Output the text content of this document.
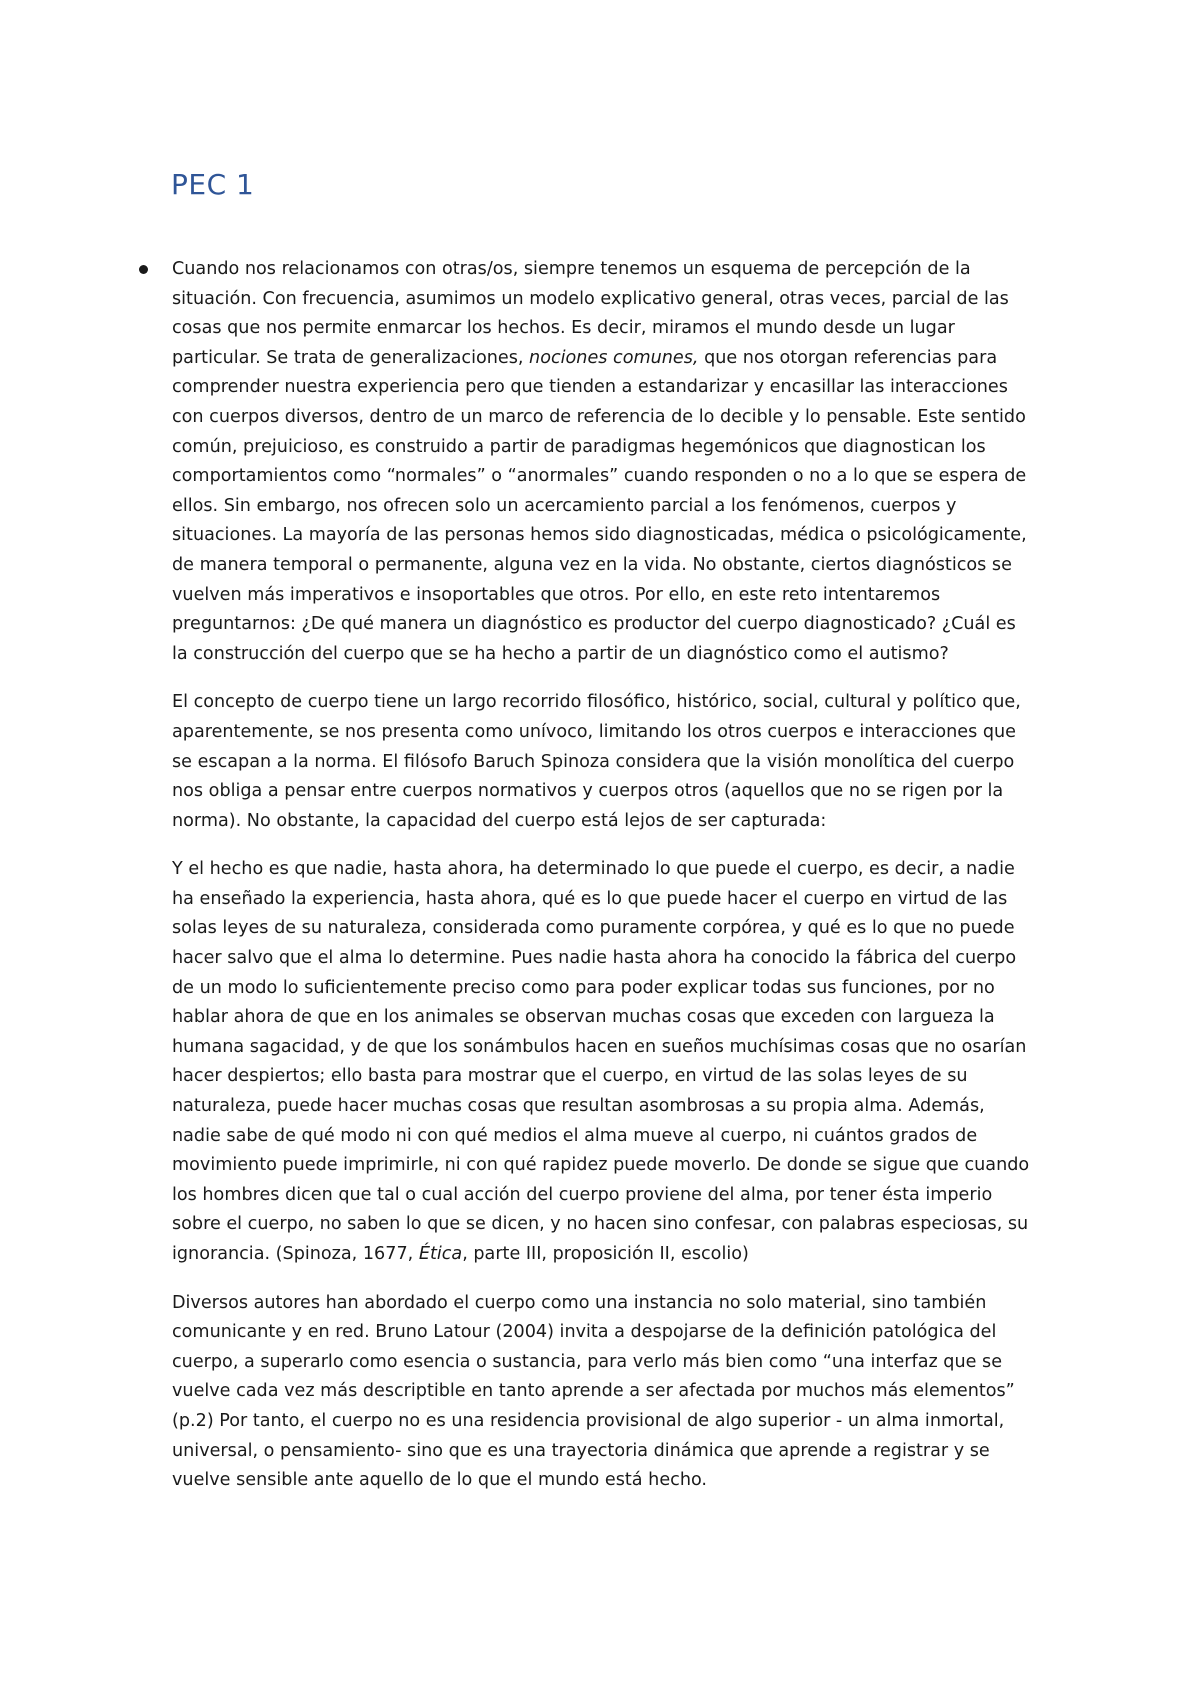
PEC 1

Cuando nos relacionamos con otras/os, siempre tenemos un esquema de percepción de la situación. Con frecuencia, asumimos un modelo explicativo general, otras veces, parcial de las cosas que nos permite enmarcar los hechos. Es decir, miramos el mundo desde un lugar particular. Se trata de generalizaciones, nociones comunes, que nos otorgan referencias para comprender nuestra experiencia pero que tienden a estandarizar y encasillar las interacciones con cuerpos diversos, dentro de un marco de referencia de lo decible y lo pensable. Este sentido común, prejuicioso, es construido a partir de paradigmas hegemónicos que diagnostican los comportamientos como “normales” o “anormales” cuando responden o no a lo que se espera de ellos. Sin embargo, nos ofrecen solo un acercamiento parcial a los fenómenos, cuerpos y situaciones. La mayoría de las personas hemos sido diagnosticadas, médica o psicológicamente, de manera temporal o permanente, alguna vez en la vida. No obstante, ciertos diagnósticos se vuelven más imperativos e insoportables que otros. Por ello, en este reto intentaremos preguntarnos: ¿De qué manera un diagnóstico es productor del cuerpo diagnosticado? ¿Cuál es la construcción del cuerpo que se ha hecho a partir de un diagnóstico como el autismo?

El concepto de cuerpo tiene un largo recorrido filosófico, histórico, social, cultural y político que, aparentemente, se nos presenta como unívoco, limitando los otros cuerpos e interacciones que se escapan a la norma. El filósofo Baruch Spinoza considera que la visión monolítica del cuerpo nos obliga a pensar entre cuerpos normativos y cuerpos otros (aquellos que no se rigen por la norma). No obstante, la capacidad del cuerpo está lejos de ser capturada:

Y el hecho es que nadie, hasta ahora, ha determinado lo que puede el cuerpo, es decir, a nadie ha enseñado la experiencia, hasta ahora, qué es lo que puede hacer el cuerpo en virtud de las solas leyes de su naturaleza, considerada como puramente corpórea, y qué es lo que no puede hacer salvo que el alma lo determine. Pues nadie hasta ahora ha conocido la fábrica del cuerpo de un modo lo suficientemente preciso como para poder explicar todas sus funciones, por no hablar ahora de que en los animales se observan muchas cosas que exceden con largueza la humana sagacidad, y de que los sonámbulos hacen en sueños muchísimas cosas que no osarían hacer despiertos; ello basta para mostrar que el cuerpo, en virtud de las solas leyes de su naturaleza, puede hacer muchas cosas que resultan asombrosas a su propia alma. Además, nadie sabe de qué modo ni con qué medios el alma mueve al cuerpo, ni cuántos grados de movimiento puede imprimirle, ni con qué rapidez puede moverlo. De donde se sigue que cuando los hombres dicen que tal o cual acción del cuerpo proviene del alma, por tener ésta imperio sobre el cuerpo, no saben lo que se dicen, y no hacen sino confesar, con palabras especiosas, su ignorancia. (Spinoza, 1677, Ética, parte III, proposición II, escolio)

Diversos autores han abordado el cuerpo como una instancia no solo material, sino también comunicante y en red. Bruno Latour (2004) invita a despojarse de la definición patológica del cuerpo, a superarlo como esencia o sustancia, para verlo más bien como “una interfaz que se vuelve cada vez más descriptible en tanto aprende a ser afectada por muchos más elementos” (p.2) Por tanto, el cuerpo no es una residencia provisional de algo superior - un alma inmortal, universal, o pensamiento- sino que es una trayectoria dinámica que aprende a registrar y se vuelve sensible ante aquello de lo que el mundo está hecho.
